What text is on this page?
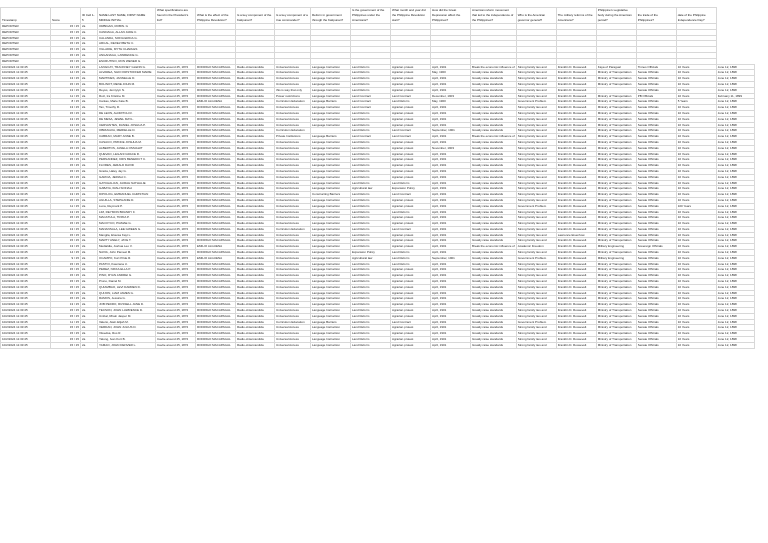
Timestamp	Score	ID Cell 1-5	NAME LAST NAME, FIRST NAME MIDDLE INITIAL	What specifications are found in the President's list?	What is the effect of the Philippine Revolution?	Is a key component of the Katipunan?	Is a key component of a true commander?	Reform in government through the Katipunan?	Is the government of the Philippines under the Americans?	What month and year did the Philippine Revolution start?	How did the Great Depression affect the Philippines?	American reform movement that led to the independence of the Philippines?	Who is the American governor general?	The military reforms of the Americans?	Philippine's Legislative body during the American period?	the trade of the Philippines?	date of the Philippine Independence Day?	
REPORTER	15 / 15	2a	ORBIGAN, ROBIN. G															
REPORTER	15 / 15	2a	CANDAGA, ALLAN JADE C.															
REPORTER	15 / 15	2a	CALANDA, SOFIA ERICA G.															
REPORTER	15 / 15	2a	ARCAL, DEXELYBETH C.															
REPORTER	15 / 15	2a	VILLADIE, MYTH CHARLES															
REPORTER	15 / 15	2a	ANGANAGA, LAWRENCE G.															
REPORTER	15 / 15	2a	ESCRUTINO, RON WENER G.															
10/2/2024 11:33:45	13 / 15	2a	LANGCAY, TRACKNEY GLENN G.	Cavite around 25, 1872	RODRIGO MACAPAGAL	Radio-cintercandida	Universal Access	Language Instruction	Land Reform	Agrarian protest	April, 1901	Break the economic influence of	Strong family ties and	Franklin D. Roosevelt	Kaya of Paragual	Tinnes Officials	10 Years	June 12, 1898
10/2/2024 11:33:45	14 / 15	2a	ALVAREA, SHIO KRISTOFFER MARIE	Cavite around 25, 1872	RODRIGO MACAPAGAL	Radio-cintercandida	Universal Access	Language Instruction	Land Reform	Agrarian protest	May, 1900	Greatly raise standards	Strong family ties and	Franklin D. Roosevelt	Ministry of Transportation	Senate Officials	10 Years	June 12, 1898
10/2/2024 11:33:45	13 / 15	2a	MARTINES, JANNELLE D.	Cavite around 25, 1872	RODRIGO MACAPAGAL	Radio-cintercandida	Universal Access	Language Instruction	Land Reform	Agrarian protest	April, 1901	Greatly raise standards	Strong family ties and	Franklin D. Roosevelt	Ministry of Transportation	Senate Officials	10 Years	June 12, 1898
10/2/2024 11:33:45	15 / 15	2a	BOLINOT, RENE JOHN M.	Cavite around 25, 1872	RODRIGO MACAPAGAL	Radio-cintercandida	Universal Access	Language Instruction	Land Reform	Agrarian protest	April, 1901	Greatly raise standards	Strong family ties and	Franklin D. Roosevelt	Ministry of Transportation	Senate Officials	10 Years	June 12, 1898
10/2/2024 11:33:45	13 / 15	2a	Reyes, Jennylyn N.	Cavite around 25, 1872	RODRIGO MACAPAGAL	Radio-cintercandida	this is way that only	Language Instruction	Land Reform	Agrarian protest	April, 1901	Greatly raise standards	Strong family ties and	Franklin D. Roosevelt		Senate Officials	10 Years	June 12, 1898
10/2/2024 11:33:45	11 / 15	2a	Ruiz, Ira Kristine M.	Cavite around 25, 1872	RODRIGO MACAPAGAL	Radio-cintercandida	Power restrictions	Language Instruction	Land Contract	Land Contract	December, 1903	Greatly raise standards	Strong family ties and	Franklin D. Roosevelt	Ministry of Transportation	PB Officials	10 Years	February 11, 1899
10/2/2024 11:33:45	8 / 15	2a	Cantao, Marie Kate B.	Cavite around 25, 1872	EMILIO ALGUENA	Radio-cintercandida	Curriculum Education	Language Barriers	Land Contract	Land Reform	May, 1900	Greatly raise standards	Government Problem	Franklin D. Roosevelt	Ministry of Transportation	Senate Officials	5 Years	June 12, 1898
10/2/2024 11:33:45	13 / 15	2a	Tan, Timothy R.	Cavite around 25, 1872	RODRIGO MACAPAGAL	Radio-cintercandida	Universal Access	Language Instruction	Land Contract	Agrarian protest	April, 1901	Greatly raise standards	Strong family ties and	Franklin D. Roosevelt	Ministry of Transportation	Senate Officials	10 Years	June 12, 1898
10/2/2024 11:33:45	15 / 15	2a	DE LEON, ALDRITCH R.	Cavite around 25, 1872	RODRIGO MACAPAGAL	Radio-cintercandida	Universal Access	Language Instruction	Land Reform	Agrarian protest	April, 1901	Greatly raise standards	Strong family ties and	Franklin D. Roosevelt	Ministry of Transportation	Senate Officials	10 Years	June 12, 1898
10/2/2024 11:33:45	13 / 15	2a	DE MESA, JEWEL MAYL.	Cavite around 25, 1872	RODRIGO MACAPAGAL	Radio-cintercandida	Universal Access	Language Instruction	Land Reform	Agrarian protest	April, 1901	Greatly raise standards	Strong family ties and	Franklin D. Roosevelt	Ministry of Transportation	Senate Officials	10 Years	June 12, 1898
10/2/2024 11:33:45	13 / 15	2a	CERVANTES, DANIEL JOSHUA P.	Cavite around 25, 1872	RODRIGO MACAPAGAL	Radio-cintercandida	Universal Access	Language Instruction	Land Reform	Agrarian protest	April, 1901	Greatly raise standards	Strong family ties and	Franklin D. Roosevelt	Ministry of Transportation	Senate Officials	10 Years	June 12, 1898
10/2/2024 11:33:45	11 / 15	2a	OBRIAGOA, MERIELLE D.	Cavite around 25, 1872	RODRIGO MACAPAGAL	Radio-cintercandida	Curriculum Education		Land Reform	Land Contract	September, 1901	Greatly raise standards	Strong family ties and	Franklin D. Roosevelt	Ministry of Transportation	Senate Officials	10 Years	June 12, 1898
10/2/2024 11:33:45	15 / 15	2a	CABRAO, MARY ANNE B.	Cavite around 25, 1872	RODRIGO MACAPAGAL	Radio-cintercandida	Private Institutions	Language Barriers	Land Contract	Land Contract	April, 1901	Break the economic influence of	Strong family ties and	Franklin D. Roosevelt	Ministry of Transportation	Senate Officials	10 Years	June 12, 1898
10/2/2024 11:33:45	15 / 15	2a	CASACO, PRINCE JOSHUA M.	Cavite around 25, 1872	RODRIGO MACAPAGAL	Radio-cintercandida	Universal Access	Language Instruction	Land Reform	Agrarian protest	April, 1901	Greatly raise standards	Strong family ties and	Franklin D. Roosevelt	Ministry of Transportation	Senate Officials	10 Years	June 12, 1898
10/2/2024 11:33:45	15 / 15	2a	ALBERTOS, JANELA OSSIAHIT	Cavite around 25, 1872	RODRIGO MACAPAGAL	Radio-cintercandida	Universal Access	Language Instruction	Land Reform	Agrarian protest	November, 1903	Greatly raise standards	Strong family ties and	Franklin D. Roosevelt	Ministry of Transportation	Senate Officials	10 Years	June 12, 1898
10/2/2024 11:33:45	14 / 15	2a	QUEVAO, LEILANI GRACE R.	Cavite around 25, 1872	RODRIGO MACAPAGAL	Radio-cintercandida	Universal Access	Language Instruction	Land Reform	Agrarian protest	April, 1901	Greatly raise standards	Strong family ties and	Franklin D. Roosevelt	Ministry of Transportation	Senate Officials	10 Years	June 12, 1898
10/2/2024 11:33:45	15 / 15	2a	PERNANDEZ, KRIS BENEDICT C.	Cavite around 25, 1872	RODRIGO MACAPAGAL	Radio-cintercandida	Universal Access	Language Instruction	Land Reform	Agrarian protest	April, 1901	Greatly raise standards	Strong family ties and	Franklin D. Roosevelt	Ministry of Transportation	Senate Officials	10 Years	June 12, 1898
10/2/2024 11:33:45	15 / 15	2a	FLORES, JERALD DAVID	Cavite around 25, 1872	RODRIGO MACAPAGAL	Radio-cintercandida	Universal Access	Language Instruction	Land Reform	Agrarian protest	April, 1901	Greatly raise standards	Strong family ties and	Franklin D. Roosevelt	Ministry of Transportation	Senate Officials	10 Years	June 12, 1898
10/2/2024 11:33:45	15 / 15	2a	Gracia, Haley Jay G.	Cavite around 25, 1872	RODRIGO MACAPAGAL	Radio-cintercandida	Universal Access	Language Instruction	Land Reform	Agrarian protest	April, 1901	Greatly raise standards	Strong family ties and	Franklin D. Roosevelt	Ministry of Transportation	Senate Officials	10 Years	June 12, 1898
10/2/2024 11:33:45	15 / 15	2a	GARCIA, JERIAH C.	Cavite around 25, 1872	RODRIGO MACAPAGAL	Radio-cintercandida	Universal Access	Language Instruction	Land Reform	Agrarian protest	April, 1901	Greatly raise standards	Strong family ties and	Franklin D. Roosevelt	Ministry of Transportation	Senate Officials	10 Years	June 12, 1898
10/2/2024 11:33:45	14 / 15	2a	GATCHALIAN, JAIRAH NATHALIE	Cavite around 25, 1872	RODRIGO MACAPAGAL	Radio-cintercandida	Universal Access	Language Instruction	Land Reform	Land Reform	April, 1901	Greatly raise standards	Strong family ties and	Franklin D. Roosevelt	Ministry of Transportation	Senate Officials	10 Years	June 12, 1898
10/2/2024 11:33:45	13 / 15	2a	GABAYA, IRAH SOFIAH	Cavite around 25, 1872	RODRIGO MACAPAGAL	Radio-cintercandida	Universal Access	Language Instruction	Agricultural law	Expansion Policy	April, 1901	Greatly raise standards	Strong family ties and	Franklin D. Roosevelt	Ministry of Transportation	Senate Officials	10 Years	June 12, 1898
10/2/2024 11:33:45	13 / 15	2a	DIPOLOG, EMMANUEL CHRISTIAN	Cavite around 25, 1872	RODRIGO MACAPAGAL	Radio-cintercandida	Universal Access	Constructing Barriers	Land Reform	Land Contract	April, 1901	Greatly raise standards	Strong family ties and	Franklin D. Roosevelt	Ministry of Transportation	Senate Officials	10 Years	June 12, 1898
10/2/2024 11:33:45	15 / 15	2a	AGUILLA, STEPHANIE D.	Cavite around 25, 1872	RODRIGO MACAPAGAL	Radio-cintercandida	Universal Access	Language Instruction	Land Reform	Agrarian protest	April, 1901	Greatly raise standards	Strong family ties and	Franklin D. Roosevelt	Ministry of Transportation	Senate Officials	10 Years	June 12, 1898
10/2/2024 11:33:45	11 / 15	2a	Luna, Reymark P.	Cavite around 25, 1872	RODRIGO MACAPAGAL	Radio-cintercandida	Universal Access	Language Instruction	Land Reform	Agrarian protest	April, 1901	Greatly raise standards	Government Problem	Franklin D. Roosevelt	Ministry of Transportation	Senate Officials	100 Years	June 12, 1898
10/2/2024 11:33:45	13 / 15	2a	LIM, REYMON BRANDY F.	Cavite around 25, 1872	RODRIGO MACAPAGAL	Radio-cintercandida	Universal Access	Language Instruction	Land Reform	Land Reform	April, 1901	Greatly raise standards	Strong family ties and	Franklin D. Roosevelt	Ministry of Transportation	Senate Officials	10 Years	June 12, 1898
10/2/2024 11:33:45	15 / 15	2a	MACATULA, TRIXIA P.	Cavite around 25, 1872	RODRIGO MACAPAGAL	Radio-cintercandida	Universal Access	Language Instruction	Land Reform	Agrarian protest	April, 1901	Greatly raise standards	Strong family ties and	Franklin D. Roosevelt	Ministry of Transportation	Senate Officials	10 Years	June 12, 1898
10/2/2024 11:33:45	15 / 15	2a	MACOYCO, PIAMAE G.	Cavite around 25, 1872	RODRIGO MACAPAGAL	Radio-cintercandida	Universal Access	Language Instruction	Land Reform	Agrarian protest	April, 1901	Greatly raise standards	Strong family ties and	Franklin D. Roosevelt	Ministry of Transportation	Senate Officials	10 Years	June 12, 1898
10/2/2024 11:33:45	13 / 15	2a	MANANSALA, LEE GWEEN G.	Cavite around 25, 1872	RODRIGO MACAPAGAL	Radio-cintercandida	Curriculum Education	Language Instruction	Land Reform	Land Contract	April, 1901	Greatly raise standards	Strong family ties and	Franklin D. Roosevelt	Ministry of Transportation	Senate Officials	10 Years	June 12, 1898
10/2/2024 11:33:45	15 / 15	2a	Mangila, Elouisa Kayt L.	Cavite around 25, 1872	RODRIGO MACAPAGAL	Radio-cintercandida	Universal Access	Language Instruction	Land Reform	Agrarian protest	April, 1901	Greatly raise standards	Strong family ties and	Lawrence Eisenhow	Ministry of Transportation	Senate Officials	10 Years	June 12, 1898
10/2/2024 11:33:45	15 / 15	2a	MARTY ANELY, JAYE T.	Cavite around 25, 1872	RODRIGO MACAPAGAL	Radio-cintercandida	Universal Access	Language Instruction	Land Reform	Agrarian protest	April, 1901	Greatly raise standards	Strong family ties and	Franklin D. Roosevelt	Ministry of Transportation	Senate Officials	10 Years	June 12, 1898
10/2/2024 11:33:45	13 / 15	2a	Medialdia, Joshua Leo V.	Cavite around 25, 1872	EMILIO ALGUENA	Radio-cintercandida	Universal Access	Language Instruction	Land Reform	Agrarian protest	April, 1901	Break the economic influence of	Academic Freedom	Franklin D. Roosevelt	Military Engineering	Sovereign Officials	10 Years	June 12, 1898
10/2/2024 11:33:45	14 / 15	2a	NAVIA, John Pameel M.	Cavite around 25, 1872	RODRIGO MACAPAGAL	Radio-cintercandida	Universal Access	Language Instruction	Expansion Policy	Land Reform	April, 1901	Greatly raise standards	Strong family ties and	Franklin D. Roosevelt	Ministry of Transportation	Senate Officials	10 Years	June 12, 1898
10/2/2024 11:33:45	9 / 15	2a	OCAMPO, Kurt Pride R.	Cavite around 25, 1872	EMILIO ALGUENA	Radio-cintercandida	Universal Access	Language Instruction	Agricultural law	Land Reform	September, 1901	Greatly raise standards	Government Problem	Franklin D. Roosevelt	Military Engineering	Senate Officials	10 Years	June 12, 1898
10/2/2024 11:33:45	15 / 15	2a	PASTOI, Kweriana U.	Cavite around 25, 1872	RODRIGO MACAPAGAL	Radio-cintercandida	Universal Access	Language Instruction	Land Reform	Land Reform	April, 1901	Greatly raise standards	Strong family ties and	Franklin D. Roosevelt	Ministry of Transportation	Senate Officials	10 Years	June 12, 1898
10/2/2024 11:33:45	15 / 15	2a	PEREZ, NIKKA ELLA P.	Cavite around 25, 1872	RODRIGO MACAPAGAL	Radio-cintercandida	Universal Access	Language Instruction	Land Reform	Agrarian protest	April, 1901	Greatly raise standards	Strong family ties and	Franklin D. Roosevelt	Ministry of Transportation	Senate Officials	10 Years	June 12, 1898
10/2/2024 11:33:45	15 / 15	2a	PINO, RYAN ANDREI G.	Cavite around 25, 1872	RODRIGO MACAPAGAL	Radio-cintercandida	Universal Access	Language Instruction	Land Reform	Agrarian protest	April, 1901	Greatly raise standards	Strong family ties and	Franklin D. Roosevelt	Ministry of Transportation	Senate Officials	10 Years	June 12, 1898
10/2/2024 11:33:45	15 / 15	2a	Pruno, Daniel M.	Cavite around 25, 1872	RODRIGO MACAPAGAL	Radio-cintercandida	Universal Access	Language Instruction	Land Reform	Agrarian protest	April, 1901	Greatly raise standards	Strong family ties and	Franklin D. Roosevelt	Ministry of Transportation	Senate Officials	10 Years	June 12, 1898
10/2/2024 11:33:45	15 / 15	2a	QUIAMBAO, LEVI DARREN D.	Cavite around 25, 1872	RODRIGO MACAPAGAL	Radio-cintercandida	Universal Access	Language Instruction	Land Reform	Agrarian protest	April, 1901	Greatly raise standards	Strong family ties and	Franklin D. Roosevelt	Ministry of Transportation	Senate Officials	10 Years	June 12, 1898
10/2/2024 11:33:45	15 / 15	2a	QUIJON, LIAM JAMES G.	Cavite around 25, 1872	RODRIGO MACAPAGAL	Radio-cintercandida	Universal Access	Language Instruction	Land Reform	Agrarian protest	April, 1901	Greatly raise standards	Strong family ties and	Franklin D. Roosevelt	Ministry of Transportation	Senate Officials	10 Years	June 12, 1898
10/2/2024 11:33:45	15 / 15	2a	RAMOS, Jessica G.	Cavite around 25, 1872	RODRIGO MACAPAGAL	Radio-cintercandida	Universal Access	Language Instruction	Land Reform	Agrarian protest	April, 1901	Greatly raise standards	Strong family ties and	Franklin D. Roosevelt	Ministry of Transportation	Senate Officials	10 Years	June 12, 1898
10/2/2024 11:33:45	13 / 15	2a	JOB PEDRO, RUSSELL JANE D.	Cavite around 25, 1872	RODRIGO MACAPAGAL	Radio-cintercandida	Universal Access	Language Instruction	Land Reform	Agrarian protest	April, 1901	Greatly raise standards	Strong family ties and	Franklin D. Roosevelt	Ministry of Transportation	Senate Officials	10 Years	June 12, 1898
10/2/2024 11:33:45	15 / 15	2a	TECSON, JOHN LAWRENCE D.	Cavite around 25, 1872	RODRIGO MACAPAGAL	Radio-cintercandida	Universal Access	Language Instruction	Land Reform	Agrarian protest	April, 1901	Greatly raise standards	Strong family ties and	Franklin D. Roosevelt	Ministry of Transportation	Senate Officials	10 Years	June 12, 1898
10/2/2024 11:33:45	15 / 15	2a	Umbal, Rhain Jasper M.	Cavite around 25, 1872	RODRIGO MACAPAGAL	Radio-cintercandida	Universal Access	Language Instruction	Land Reform	Agrarian protest	April, 1901	Greatly raise standards	Strong family ties and	Franklin D. Roosevelt	Ministry of Transportation	Senate Officials	10 Years	June 12, 1898
10/2/2024 11:33:45	11 / 15	2a	Valerio, Alain Elijah M.	Cavite around 25, 1872	RODRIGO MACAPAGAL	Radio-cintercandida	Curriculum Education	Language Barriers	Land Reform	Land Contract	April, 1901	Greatly raise standards	Government Problem	Franklin D. Roosevelt	Ministry of Transportation	Senate Officials	10 Years	June 12, 1898
10/2/2024 11:33:45	15 / 15	2a	VERDAN, JOHN JULIUS D.	Cavite around 25, 1872	RODRIGO MACAPAGAL	Radio-cintercandida	Universal Access	Language Instruction	Land Reform	Agrarian protest	April, 1901	Greatly raise standards	Strong family ties and	Franklin D. Roosevelt	Ministry of Transportation	Senate Officials	10 Years	June 12, 1898
10/2/2024 11:33:45	15 / 15	2a	Viloedsa, Rus R.	Cavite around 25, 1872	RODRIGO MACAPAGAL	Radio-cintercandida	Universal Access	Language Instruction	Land Reform	Agrarian protest	April, 1901	Greatly raise standards	Strong family ties and	Franklin D. Roosevelt	Ministry of Transportation	Senate Officials	10 Years	June 12, 1898
10/2/2024 11:33:45	15 / 15	2a	Yalung, Ivan Kurt B.	Cavite around 25, 1872	RODRIGO MACAPAGAL	Radio-cintercandida	Universal Access	Language Instruction	Land Reform	Agrarian protest	April, 1901	Greatly raise standards	Strong family ties and	Franklin D. Roosevelt	Ministry of Transportation	Senate Officials	10 Years	June 12, 1898
10/2/2024 11:33:45	15 / 15	2a	YAMAO, JOHN DENVER L.	Cavite around 25, 1872	RODRIGO MACAPAGAL	Radio-cintercandida	Universal Access	Language Instruction	Land Reform	Agrarian protest	April, 1901	Greatly raise standards	Strong family ties and	Franklin D. Roosevelt	Ministry of Transportation	Senate Officials	10 Years	June 12, 1898
